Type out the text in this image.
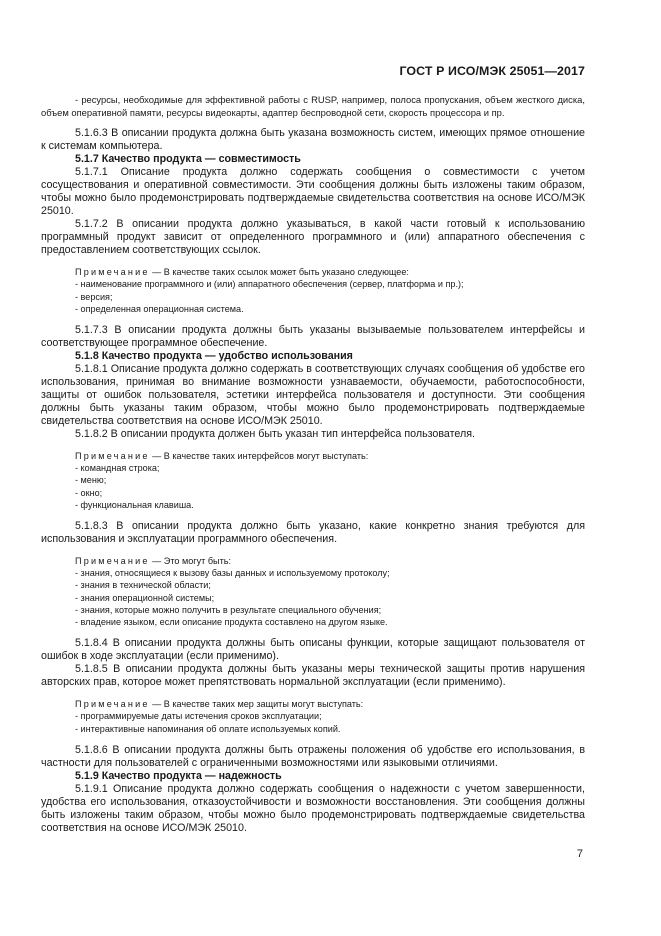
ГОСТ Р ИСО/МЭК 25051—2017

- ресурсы, необходимые для эффективной работы с RUSP, например, полоса пропускания, объем жесткого диска, объем оперативной памяти, ресурсы видеокарты, адаптер беспроводной сети, скорость процессора и пр.

5.1.6.3 В описании продукта должна быть указана возможность систем, имеющих прямое отношение к системам компьютера.

5.1.7 Качество продукта — совместимость

5.1.7.1 Описание продукта должно содержать сообщения о совместимости с учетом сосуществования и оперативной совместимости. Эти сообщения должны быть изложены таким образом, чтобы можно было продемонстрировать подтверждаемые свидетельства соответствия на основе ИСО/МЭК 25010.

5.1.7.2 В описании продукта должно указываться, в какой части готовый к использованию программный продукт зависит от определенного программного и (или) аппаратного обеспечения с предоставлением соответствующих ссылок.

Примечание — В качестве таких ссылок может быть указано следующее:

- наименование программного и (или) аппаратного обеспечения (сервер, платформа и пр.);

- версия;

- определенная операционная система.

5.1.7.3 В описании продукта должны быть указаны вызываемые пользователем интерфейсы и соответствующее программное обеспечение.

5.1.8 Качество продукта — удобство использования

5.1.8.1 Описание продукта должно содержать в соответствующих случаях сообщения об удобстве его использования, принимая во внимание возможности узнаваемости, обучаемости, работоспособности, защиты от ошибок пользователя, эстетики интерфейса пользователя и доступности. Эти сообщения должны быть указаны таким образом, чтобы можно было продемонстрировать подтверждаемые свидетельства соответствия на основе ИСО/МЭК 25010.

5.1.8.2 В описании продукта должен быть указан тип интерфейса пользователя.

Примечание — В качестве таких интерфейсов могут выступать:

- командная строка;

- меню;

- окно;

- функциональная клавиша.

5.1.8.3 В описании продукта должно быть указано, какие конкретно знания требуются для использования и эксплуатации программного обеспечения.

Примечание — Это могут быть:

- знания, относящиеся к вызову базы данных и используемому протоколу;

- знания в технической области;

- знания операционной системы;

- знания, которые можно получить в результате специального обучения;

- владение языком, если описание продукта составлено на другом языке.

5.1.8.4 В описании продукта должны быть описаны функции, которые защищают пользователя от ошибок в ходе эксплуатации (если применимо).

5.1.8.5 В описании продукта должны быть указаны меры технической защиты против нарушения авторских прав, которое может препятствовать нормальной эксплуатации (если применимо).

Примечание — В качестве таких мер защиты могут выступать:

- программируемые даты истечения сроков эксплуатации;

- интерактивные напоминания об оплате используемых копий.

5.1.8.6 В описании продукта должны быть отражены положения об удобстве его использования, в частности для пользователей с ограниченными возможностями или языковыми отличиями.

5.1.9 Качество продукта — надежность

5.1.9.1 Описание продукта должно содержать сообщения о надежности с учетом завершенности, удобства его использования, отказоустойчивости и возможности восстановления. Эти сообщения должны быть изложены таким образом, чтобы можно было продемонстрировать подтверждаемые свидетельства соответствия на основе ИСО/МЭК 25010.

7
